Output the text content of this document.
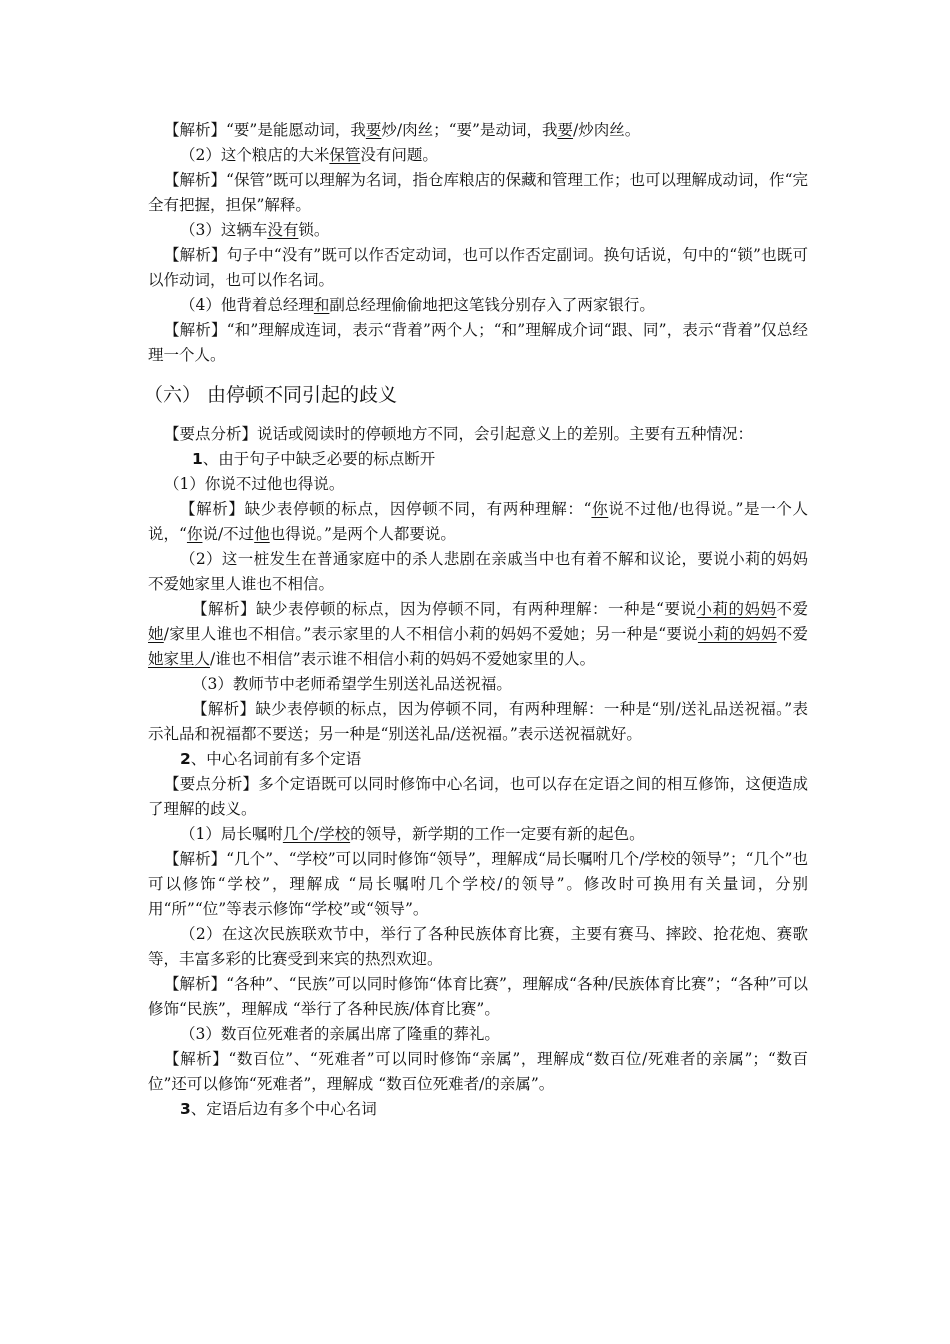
【解析】“要”是能愿动词，我要炒/肉丝；“要”是动词，我要/炒肉丝。

（2）这个粮店的大米保管没有问题。

【解析】“保管”既可以理解为名词，指仓库粮店的保藏和管理工作；也可以理解成动词，作“完全有把握，担保”解释。

（3）这辆车没有锁。

【解析】句子中“没有”既可以作否定动词，也可以作否定副词。换句话说，句中的“锁”也既可以作动词，也可以作名词。

（4）他背着总经理和副总经理偷偷地把这笔钱分别存入了两家银行。

【解析】“和”理解成连词，表示“背着”两个人；“和”理解成介词“跟、同”，表示“背着”仅总经理一个人。

（六） 由停顿不同引起的歧义

【要点分析】说话或阅读时的停顿地方不同，会引起意义上的差别。主要有五种情况：

1、由于句子中缺乏必要的标点断开

（1）你说不过他也得说。

【解析】缺少表停顿的标点，因停顿不同，有两种理解：“你说不过他/也得说。”是一个人说，“你说/不过他也得说。”是两个人都要说。

（2）这一桩发生在普通家庭中的杀人悲剧在亲戚当中也有着不解和议论，要说小莉的妈妈不爱她家里人谁也不相信。

【解析】缺少表停顿的标点，因为停顿不同，有两种理解：一种是“要说小莉的妈妈不爱她/家里人谁也不相信。”表示家里的人不相信小莉的妈妈不爱她；另一种是“要说小莉的妈妈不爱她家里人/谁也不相信”表示谁不相信小莉的妈妈不爱她家里的人。

（3）教师节中老师希望学生别送礼品送祝福。

【解析】缺少表停顿的标点，因为停顿不同，有两种理解：一种是“别/送礼品送祝福。”表示礼品和祝福都不要送；另一种是“别送礼品/送祝福。”表示送祝福就好。

2、中心名词前有多个定语

【要点分析】多个定语既可以同时修饰中心名词，也可以存在定语之间的相互修饰，这便造成了理解的歧义。

（1）局长嘱咐几个/学校的领导，新学期的工作一定要有新的起色。

【解析】“几个”、“学校”可以同时修饰“领导”，理解成“局长嘱咐几个/学校的领导”；“几个”也可以修饰“学校”，理解成 “局长嘱咐几个学校/的领导”。修改时可换用有关量词，分别用“所”“位”等表示修饰“学校”或“领导”。

（2）在这次民族联欢节中，举行了各种民族体育比赛，主要有赛马、摔跤、抢花炮、赛歌等，丰富多彩的比赛受到来宾的热烈欢迎。

【解析】“各种”、“民族”可以同时修饰“体育比赛”，理解成“各种/民族体育比赛”；“各种”可以修饰“民族”，理解成 “举行了各种民族/体育比赛”。

（3）数百位死难者的亲属出席了隆重的葬礼。

【解析】“数百位”、“死难者”可以同时修饰“亲属”，理解成“数百位/死难者的亲属”；“数百位”还可以修饰“死难者”，理解成 “数百位死难者/的亲属”。

3、定语后边有多个中心名词
